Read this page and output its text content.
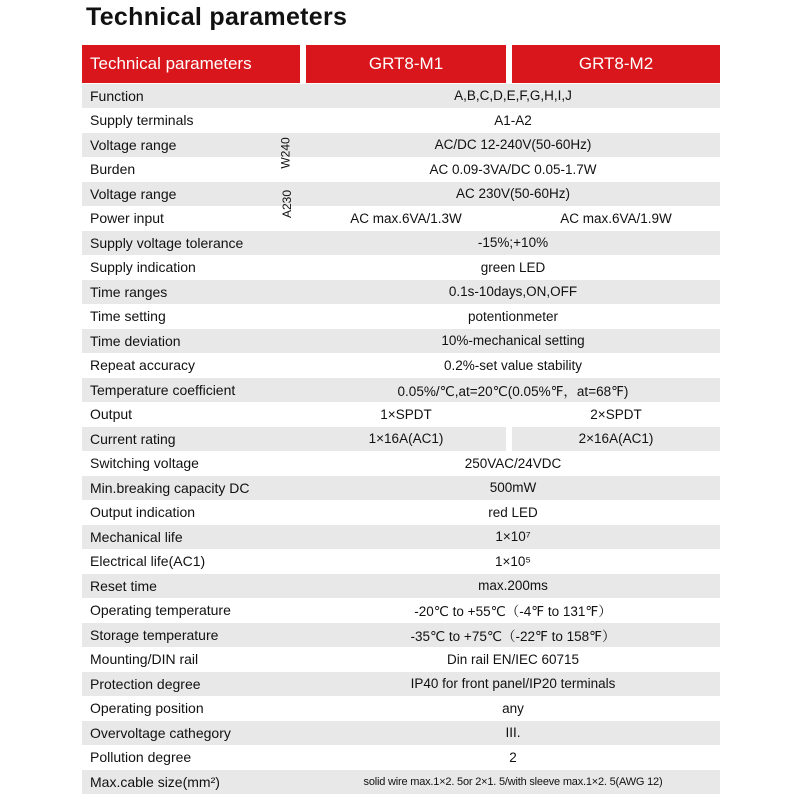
Technical parameters
Technical parameters	GRT8-M1	GRT8-M2
Function	A,B,C,D,E,F,G,H,I,J
Supply terminals	A1-A2
Voltage range	AC/DC 12-240V(50-60Hz)
Burden	AC 0.09-3VA/DC 0.05-1.7W
Voltage range	AC 230V(50-60Hz)
Power input	AC max.6VA/1.3W	AC max.6VA/1.9W
Supply voltage tolerance	-15%;+10%
Supply indication	green LED
Time ranges	0.1s-10days,ON,OFF
Time setting	potentionmeter
Time deviation	10%-mechanical setting
Repeat accuracy	0.2%-set value stability
Temperature coefficient	0.05%/℃,at=20℃(0.05%℉，at=68℉)
Output	1×SPDT	2×SPDT
Current rating	1×16A(AC1)	2×16A(AC1)
Switching voltage	250VAC/24VDC
Min.breaking capacity DC	500mW
Output indication	red LED
Mechanical life	1×10⁷
Electrical life(AC1)	1×10⁵
Reset time	max.200ms
Operating temperature	-20℃ to +55℃（-4℉ to 131℉）
Storage temperature	-35℃ to +75℃（-22℉ to 158℉）
Mounting/DIN rail	Din rail EN/IEC 60715
Protection degree	IP40 for front panel/IP20 terminals
Operating position	any
Overvoltage cathegory	III.
Pollution degree	2
Max.cable size(mm²)	solid wire max.1×2. 5or 2×1. 5/with sleeve max.1×2. 5(AWG 12)
W240
A230
